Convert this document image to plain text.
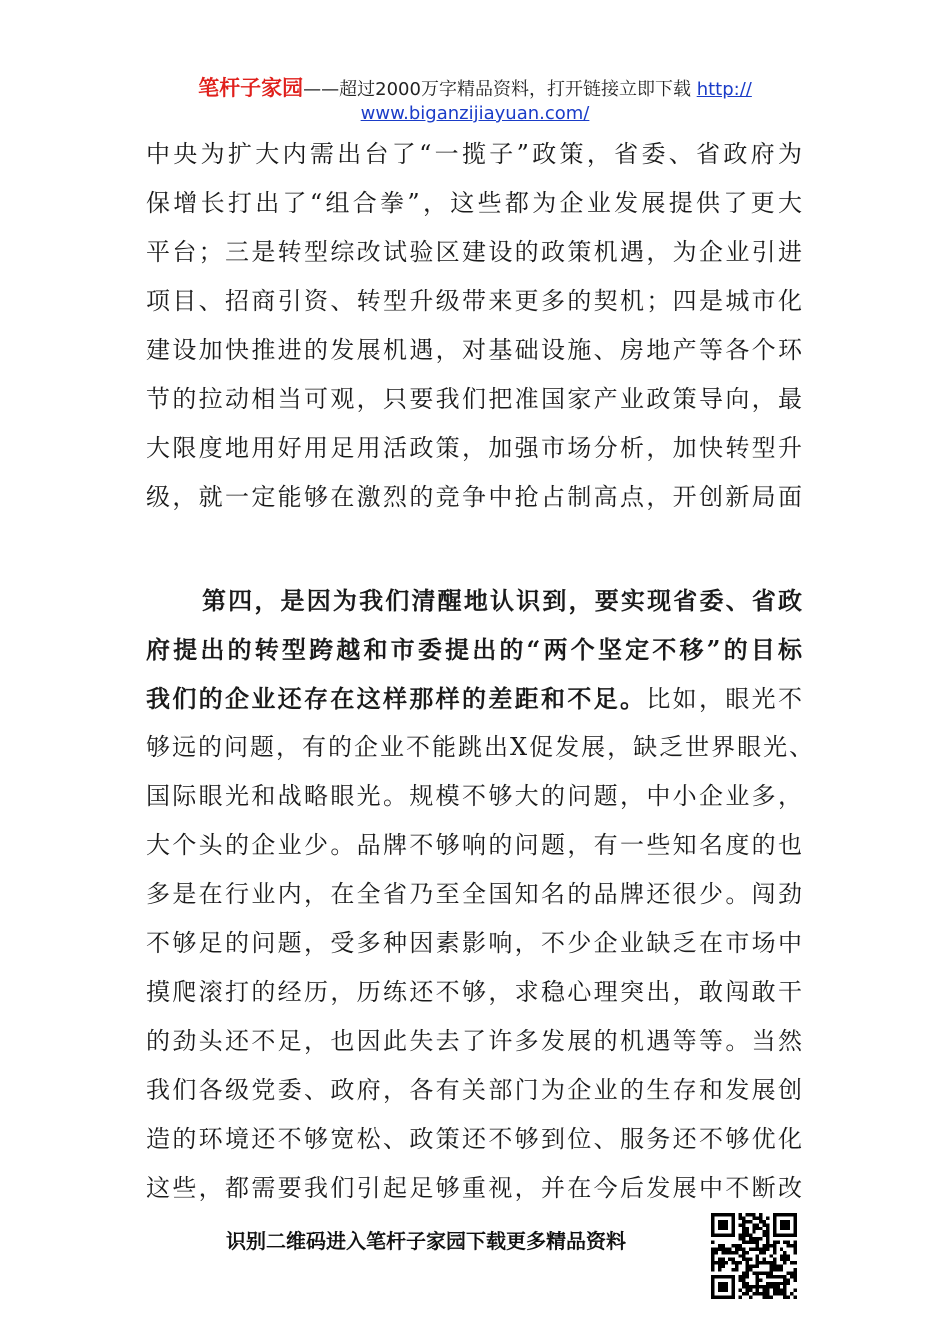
笔杆子家园——超过2000万字精品资料，打开链接立即下载 http://
www.biganzijiayuan.com/
中央为扩大内需出台了“一揽子”政策，省委、省政府为
保增长打出了“组合拳”，这些都为企业发展提供了更大
平台；三是转型综改试验区建设的政策机遇，为企业引进
项目、招商引资、转型升级带来更多的契机；四是城市化
建设加快推进的发展机遇，对基础设施、房地产等各个环
节的拉动相当可观，只要我们把准国家产业政策导向，最
大限度地用好用足用活政策，加强市场分析，加快转型升
级，就一定能够在激烈的竞争中抢占制高点，开创新局面
第四，是因为我们清醒地认识到，要实现省委、省政
府提出的转型跨越和市委提出的“两个坚定不移”的目标
我们的企业还存在这样那样的差距和不足。比如，眼光不
够远的问题，有的企业不能跳出X促发展，缺乏世界眼光、
国际眼光和战略眼光。规模不够大的问题，中小企业多，
大个头的企业少。品牌不够响的问题，有一些知名度的也
多是在行业内，在全省乃至全国知名的品牌还很少。闯劲
不够足的问题，受多种因素影响，不少企业缺乏在市场中
摸爬滚打的经历，历练还不够，求稳心理突出，敢闯敢干
的劲头还不足，也因此失去了许多发展的机遇等等。当然
我们各级党委、政府，各有关部门为企业的生存和发展创
造的环境还不够宽松、政策还不够到位、服务还不够优化
这些，都需要我们引起足够重视，并在今后发展中不断改
识别二维码进入笔杆子家园下载更多精品资料
